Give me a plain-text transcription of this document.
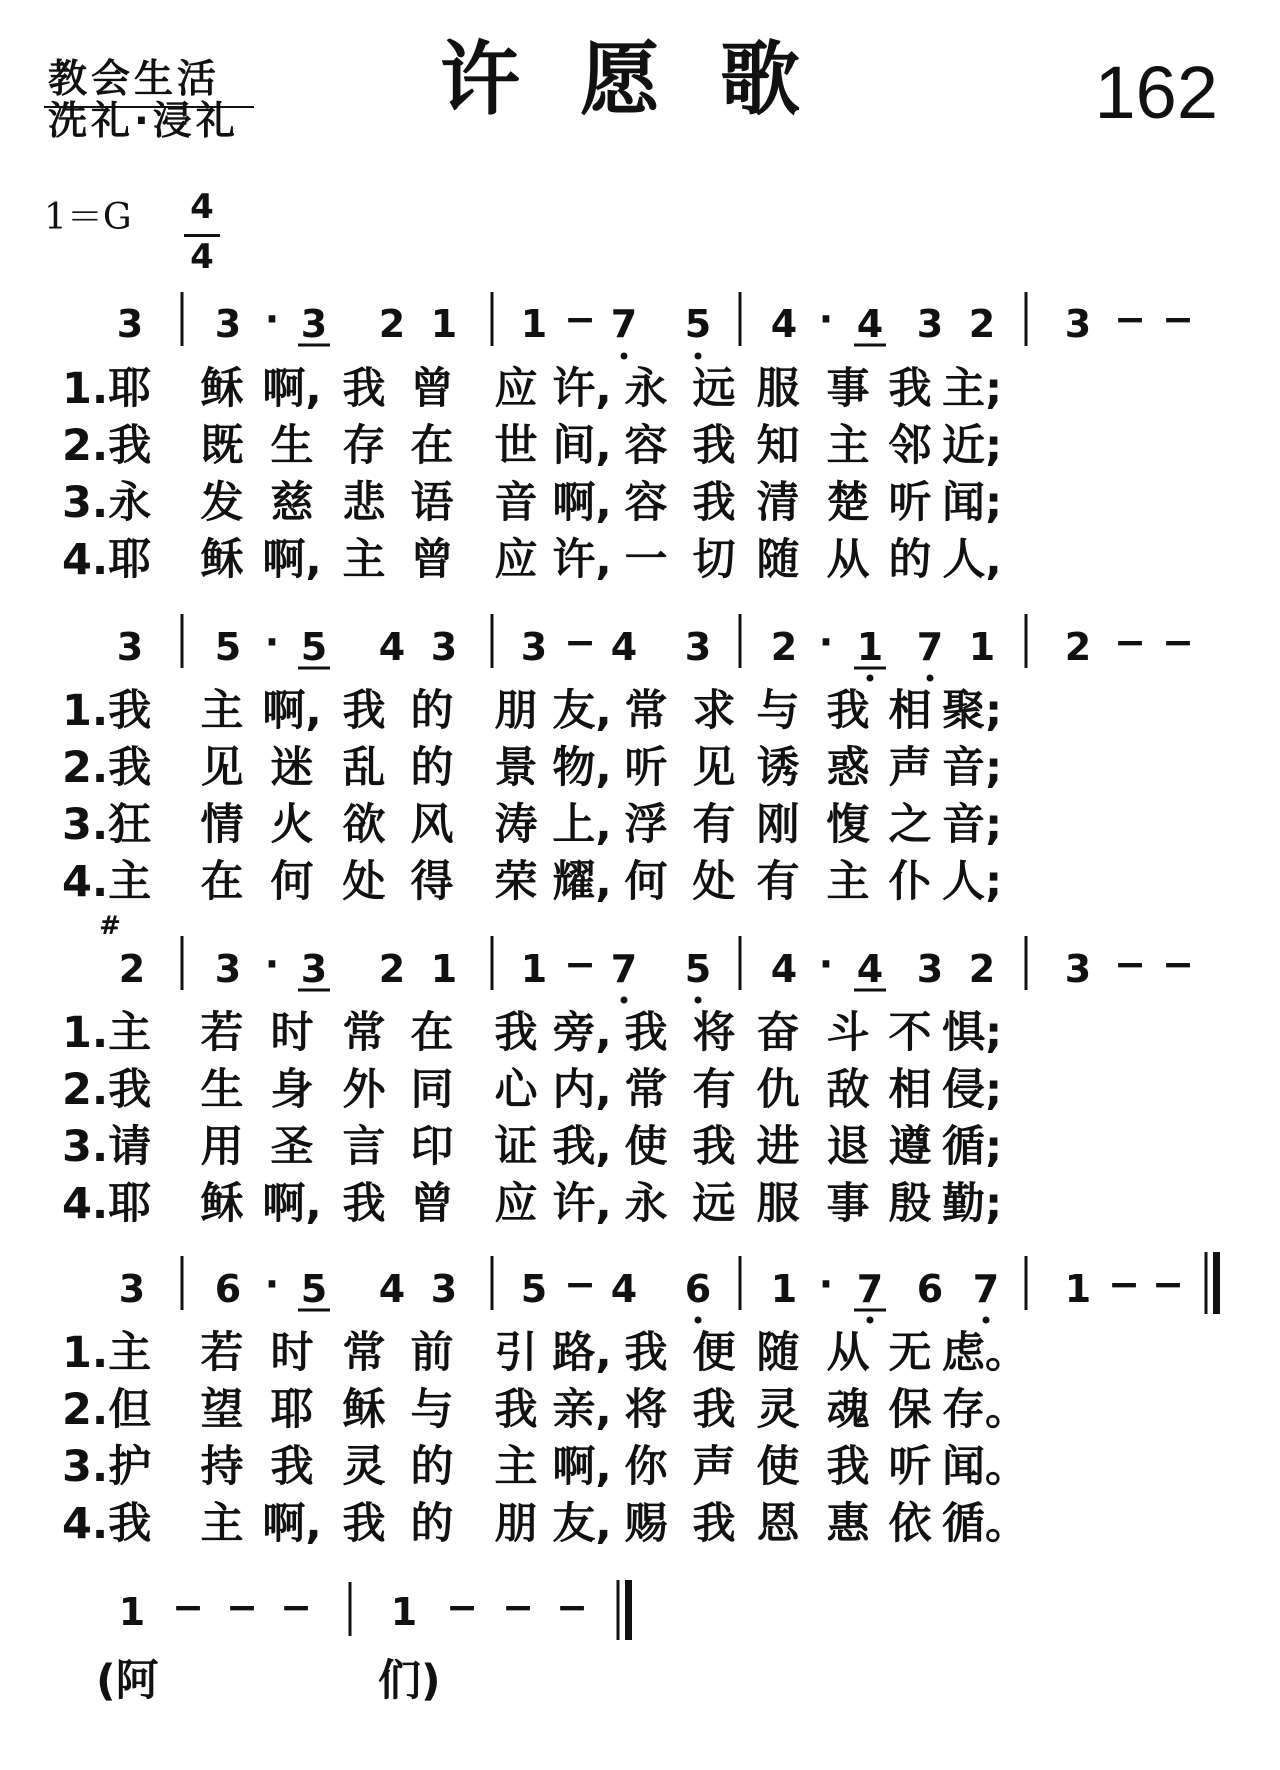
教会生活
洗礼·浸礼	许愿歌	162
1＝G 4
4
3 3 · 3 2 1 1 − 7 5 4 · 4 3 2 3 − −
3 5 · 5 4 3 3 − 4 3 2 · 1 7 1 2 − −
#
2 3 · 3 2 1 1 − 7 5 4 · 4 3 2 3 − −
3 6 · 5 4 3 5 − 4 6 1 · 7 6 7 1 − −
1 − − − 1 − − −
1.耶	稣 啊, 我 曾 应 许, 永 远 服 事 我 主;
2.我	既 生 存 在 世 间, 容 我 知 主 邻 近;
3.永	发 慈 悲 语 音 啊, 容 我 清 楚 听 闻;
4.耶	稣 啊, 主 曾 应 许, 一 切 随 从 的 人,
1.我	主 啊, 我 的 朋 友, 常 求 与 我 相 聚;
2.我	见 迷 乱 的 景 物, 听 见 诱 惑 声 音;
3.狂	情 火 欲 风 涛 上, 浮 有 刚 愎 之 音;
4.主	在 何 处 得 荣 耀, 何 处 有 主 仆 人;
1.主	若 时 常 在 我 旁, 我 将 奋 斗 不 惧;
2.我	生 身 外 同 心 内, 常 有 仇 敌 相 侵;
3.请	用 圣 言 印 证 我, 使 我 进 退 遵 循;
4.耶	稣 啊, 我 曾 应 许, 永 远 服 事 殷 勤;
1.主	若 时 常 前 引 路, 我 便 随 从 无 虑。
2.但	望 耶 稣 与 我 亲, 将 我 灵 魂 保 存。
3.护	持 我 灵 的 主 啊, 你 声 使 我 听 闻。
4.我	主 啊, 我 的 朋 友, 赐 我 恩 惠 依 循。
(阿	们)
